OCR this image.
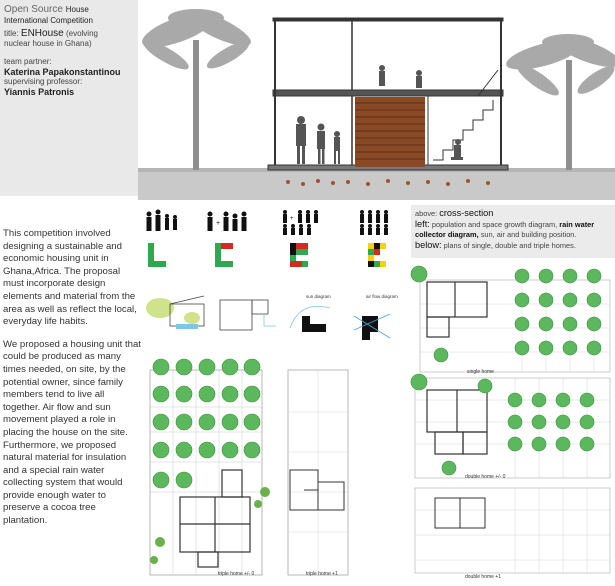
Open Source House
International Competition
title: ENHouse (evolving
nuclear house in Ghana)
team partner:
Katerina Papakonstantinou
supervising professor:
Yiannis Patronis

This competition involved designing a sustainable and economic housing unit in Ghana,Africa. The proposal must incorporate design elements and material from the area as well as reflect the local, everyday life habits.

We proposed a housing unit that could be produced as many times needed, on site, by the potential owner, since family members tend to live all together. Air flow and sun movement played a role in placing the house on the site.

Furthermore, we proposed natural material for insulation and a special rain water collecting system that would provide enough water to preserve a cocoa tree plantation.

above: cross-section
left: population and space growth diagram, rain water collector diagram, sun, air and building position.
below: plans of single, double and triple homes.
+
+
sun diagram	air flow diagram
triple home +/- 0	triple home +1
single home
double home +/- 0
double home +1
